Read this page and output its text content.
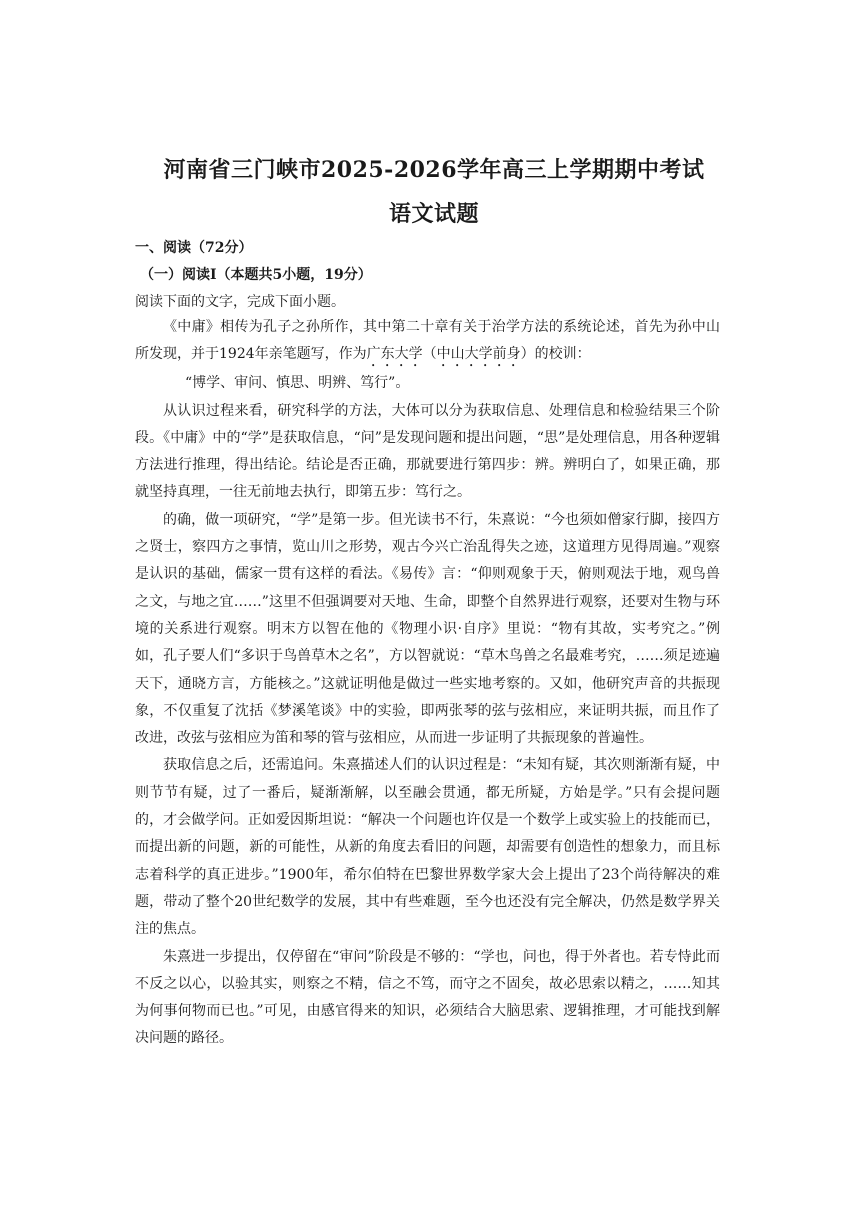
河南省三门峡市2025-2026学年高三上学期期中考试
语文试题
一、阅读（72分）
（一）阅读Ⅰ（本题共5小题，19分）
阅读下面的文字，完成下面小题。

《中庸》相传为孔子之孙所作，其中第二十章有关于治学方法的系统论述，首先为孙中山所发现，并于1924年亲笔题写，作为广东大学（中山大学前身）的校训：

“博学、审问、慎思、明辨、笃行”。

从认识过程来看，研究科学的方法，大体可以分为获取信息、处理信息和检验结果三个阶段。《中庸》中的“学”是获取信息，“问”是发现问题和提出问题，“思”是处理信息，用各种逻辑方法进行推理，得出结论。结论是否正确，那就要进行第四步：辨。辨明白了，如果正确，那就坚持真理，一往无前地去执行，即第五步：笃行之。

的确，做一项研究，“学”是第一步。但光读书不行，朱熹说：“今也须如僧家行脚，接四方之贤士，察四方之事情，览山川之形势，观古今兴亡治乱得失之迹，这道理方见得周遍。”观察是认识的基础，儒家一贯有这样的看法。《易传》言：“仰则观象于天，俯则观法于地，观鸟兽之文，与地之宜……”这里不但强调要对天地、生命，即整个自然界进行观察，还要对生物与环境的关系进行观察。明末方以智在他的《物理小识·自序》里说：“物有其故，实考究之。”例如，孔子要人们“多识于鸟兽草木之名”，方以智就说：“草木鸟兽之名最难考究，……须足迹遍天下，通晓方言，方能核之。”这就证明他是做过一些实地考察的。又如，他研究声音的共振现象，不仅重复了沈括《梦溪笔谈》中的实验，即两张琴的弦与弦相应，来证明共振，而且作了改进，改弦与弦相应为笛和琴的管与弦相应，从而进一步证明了共振现象的普遍性。

获取信息之后，还需追问。朱熹描述人们的认识过程是：“未知有疑，其次则渐渐有疑，中则节节有疑，过了一番后，疑渐渐解，以至融会贯通，都无所疑，方始是学。”只有会提问题的，才会做学问。正如爱因斯坦说：“解决一个问题也许仅是一个数学上或实验上的技能而已，而提出新的问题，新的可能性，从新的角度去看旧的问题，却需要有创造性的想象力，而且标志着科学的真正进步。”1900年，希尔伯特在巴黎世界数学家大会上提出了23个尚待解决的难题，带动了整个20世纪数学的发展，其中有些难题，至今也还没有完全解决，仍然是数学界关注的焦点。

朱熹进一步提出，仅停留在“审问”阶段是不够的：“学也，问也，得于外者也。若专恃此而不反之以心，以验其实，则察之不精，信之不笃，而守之不固矣，故必思索以精之，……知其为何事何物而已也。”可见，由感官得来的知识，必须结合大脑思索、逻辑推理，才可能找到解决问题的路径。
